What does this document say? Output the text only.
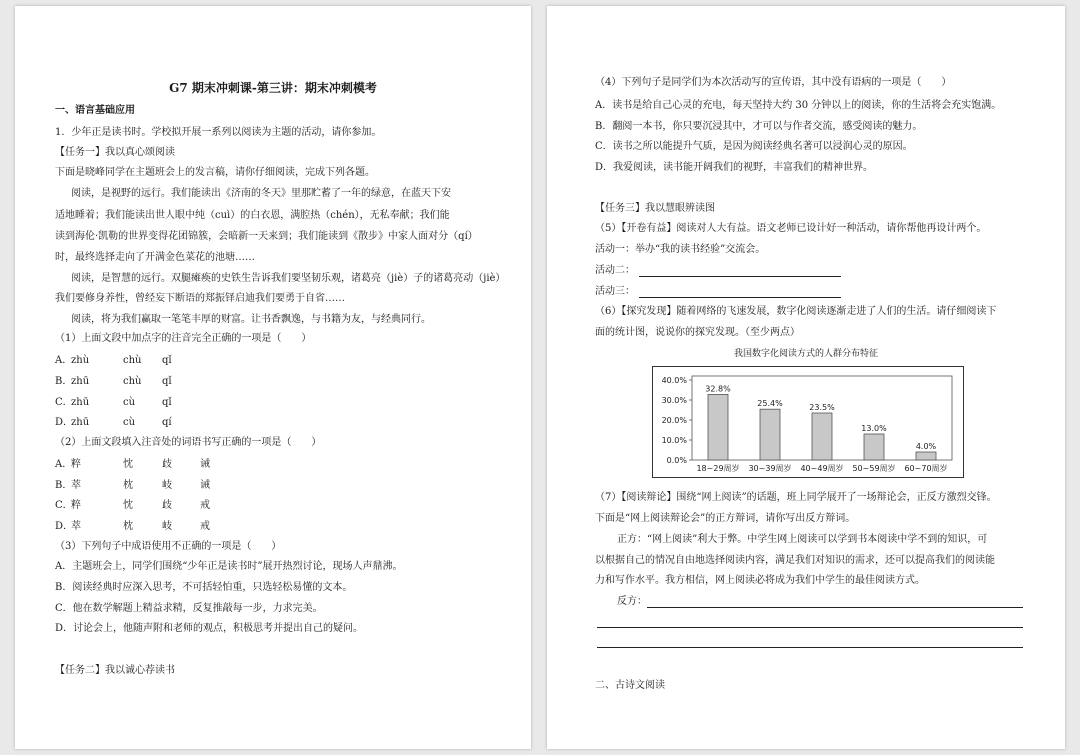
G7 期末冲刺课-第三讲：期末冲刺模考
一、语言基础应用
1．少年正是读书时。学校拟开展一系列以阅读为主题的活动，请你参加。
【任务一】我以真心颂阅读
下面是晓峰同学在主题班会上的发言稿，请你仔细阅读，完成下列各题。
阅读，是视野的远行。我们能读出《济南的冬天》里那贮蓄了一年的绿意，在蓝天下安
适地睡着；我们能读出世人眼中纯（cuì）的白衣恩，满腔热（chén），无私奉献；我们能
读到海伦·凯勒的世界变得花团锦簇，会暗新一天来到；我们能读到《散步》中家人面对分（qí）
时，最终选择走向了开满金色菜花的池塘……
阅读，是智慧的远行。双腿瘫痪的史铁生告诉我们要坚韧乐观，诸葛亮（jiè）子的诸葛亮动（jiè）
我们要修身养性，曾经妄下断语的郑振铎启迪我们要勇于自省……
阅读，将为我们赢取一笔笔丰厚的财富。让书香飘逸，与书籍为友，与经典同行。
（1）上面文段中加点字的注音完全正确的一项是（　　）
A．
zhù	chù qǐ
B．
zhū	chù qǐ
C．
zhū	cù	qǐ
D．
zhū	cù	qí
（2）上面文段填入注音处的词语书写正确的一项是（　　）
A．
粹	忱	歧	诫
B．
萃	枕	岐	诫
C．
粹	忱	歧	戒
D．
萃	枕	岐	戒
（3）下列句子中成语使用不正确的一项是（　　）
A．主题班会上，同学们围绕“少年正是读书时”展开热烈讨论，现场人声鼎沸。
B．阅读经典时应深入思考，不可括轻怕重，只选轻松易懂的文本。
C．他在数学解题上精益求精，反复推敲每一步，力求完美。
D．讨论会上，他随声附和老师的观点，积极思考并提出自己的疑问。
【任务二】我以诚心荐读书
（4）下列句子是同学们为本次活动写的宣传语，其中没有语病的一项是（　　）
A．读书是给自己心灵的充电，每天坚持大约 30 分钟以上的阅读，你的生活将会充实饱满。
B．翻阅一本书，你只要沉浸其中，才可以与作者交流，感受阅读的魅力。
C．读书之所以能提升气质，是因为阅读经典名著可以浸润心灵的原因。
D．我爱阅读，读书能开阔我们的视野，丰富我们的精神世界。
【任务三】我以慧眼辨读图
（5）【开卷有益】阅读对人大有益。语文老师已设计好一种活动，请你帮他再设计两个。
活动一：举办“我的读书经验”交流会。
活动二：
活动三：
（6）【探究发现】随着网络的飞速发展，数字化阅读逐渐走进了人们的生活。请仔细阅读下
面的统计图，说说你的探究发现。（至少两点）
我国数字化阅读方式的人群分布特征
0.0%
10.0%
20.0%
30.0%
40.0%
32.8%
18~29周岁
25.4%
30~39周岁
23.5%
40~49周岁
13.0%
50~59周岁
4.0%
60~70周岁
（7）【阅读辩论】围绕“网上阅读”的话题，班上同学展开了一场辩论会，正反方激烈交锋。
下面是“网上阅读辩论会”的正方辩词，请你写出反方辩词。
正方：“网上阅读”利大于弊。中学生网上阅读可以学到书本阅读中学不到的知识，可
以根据自己的情况自由地选择阅读内容，满足我们对知识的需求，还可以提高我们的阅读能
力和写作水平。我方相信，网上阅读必将成为我们中学生的最佳阅读方式。
反方：
二、古诗文阅读
